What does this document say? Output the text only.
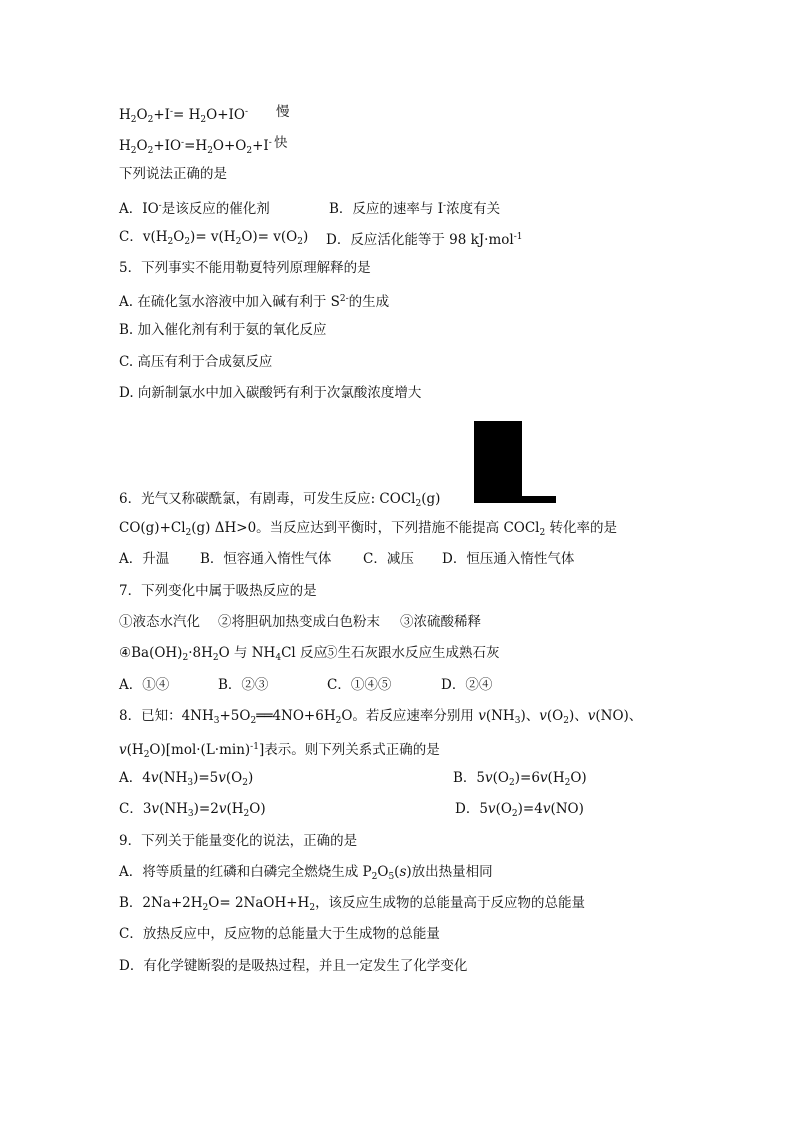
$H_2O_2+I^-= H_2O+IO^-$ 慢
$H_2O_2+IO^-=H_2O+O_2+I^-$ 快
下列说法正确的是
A．IO-是该反应的催化剂	B．反应的速率与 I-浓度有关
C．$v(H_2O_2)= v(H_2O)= v(O_2)$ D．反应活化能等于 98 kJ·mol$^{-1}$
5．下列事实不能用勒夏特列原理解释的是
A. 在硫化氢水溶液中加入碱有利于 $S^{2-}$的生成
B. 加入催化剂有利于氨的氧化反应
C. 高压有利于合成氨反应
D. 向新制氯水中加入碳酸钙有利于次氯酸浓度增大
6．光气又称碳酰氯，有剧毒，可发生反应: COCl$_2$(g)
$CO(g)+Cl_2(g)$ ΔH>0。当反应达到平衡时，下列措施不能提高 COCl$_2$ 转化率的是
A．升温 B．恒容通入惰性气体 C．减压 D．恒压通入惰性气体
7．下列变化中属于吸热反应的是
①液态水汽化 ②将胆矾加热变成白色粉末 ③浓硫酸稀释
$④Ba(OH)_2\cdot 8H_2O$ 与 $NH_4Cl$ 反应
⑤生石灰跟水反应生成熟石灰
A．①④	B．②③	C．①④⑤	D．②④
8．已知：$4NH_3+5O_2══4NO+6H_2O$。若反应速率分别用 $v(NH_3)$、$v(O_2)$、v(NO)、
$v(H_2O)[mol\cdot(L\cdot\min)^{-1}]$表示。则下列关系式正确的是
A．$4v(NH_3)=5v(O_2)$	B．$5v(O_2)=6v(H_2O)$
C．$3v(NH_3)=2v(H_2O)$	D．$5v(O_2)=4v(NO)$
9．下列关于能量变化的说法，正确的是
A．将等质量的红磷和白磷完全燃烧生成 $P_2O_5(s)$放出热量相同
B．$2Na+2H_2O=$ $2NaOH+H_2$，该反应生成物的总能量高于反应物的总能量
C．放热反应中，反应物的总能量大于生成物的总能量
D．有化学键断裂的是吸热过程，并且一定发生了化学变化
